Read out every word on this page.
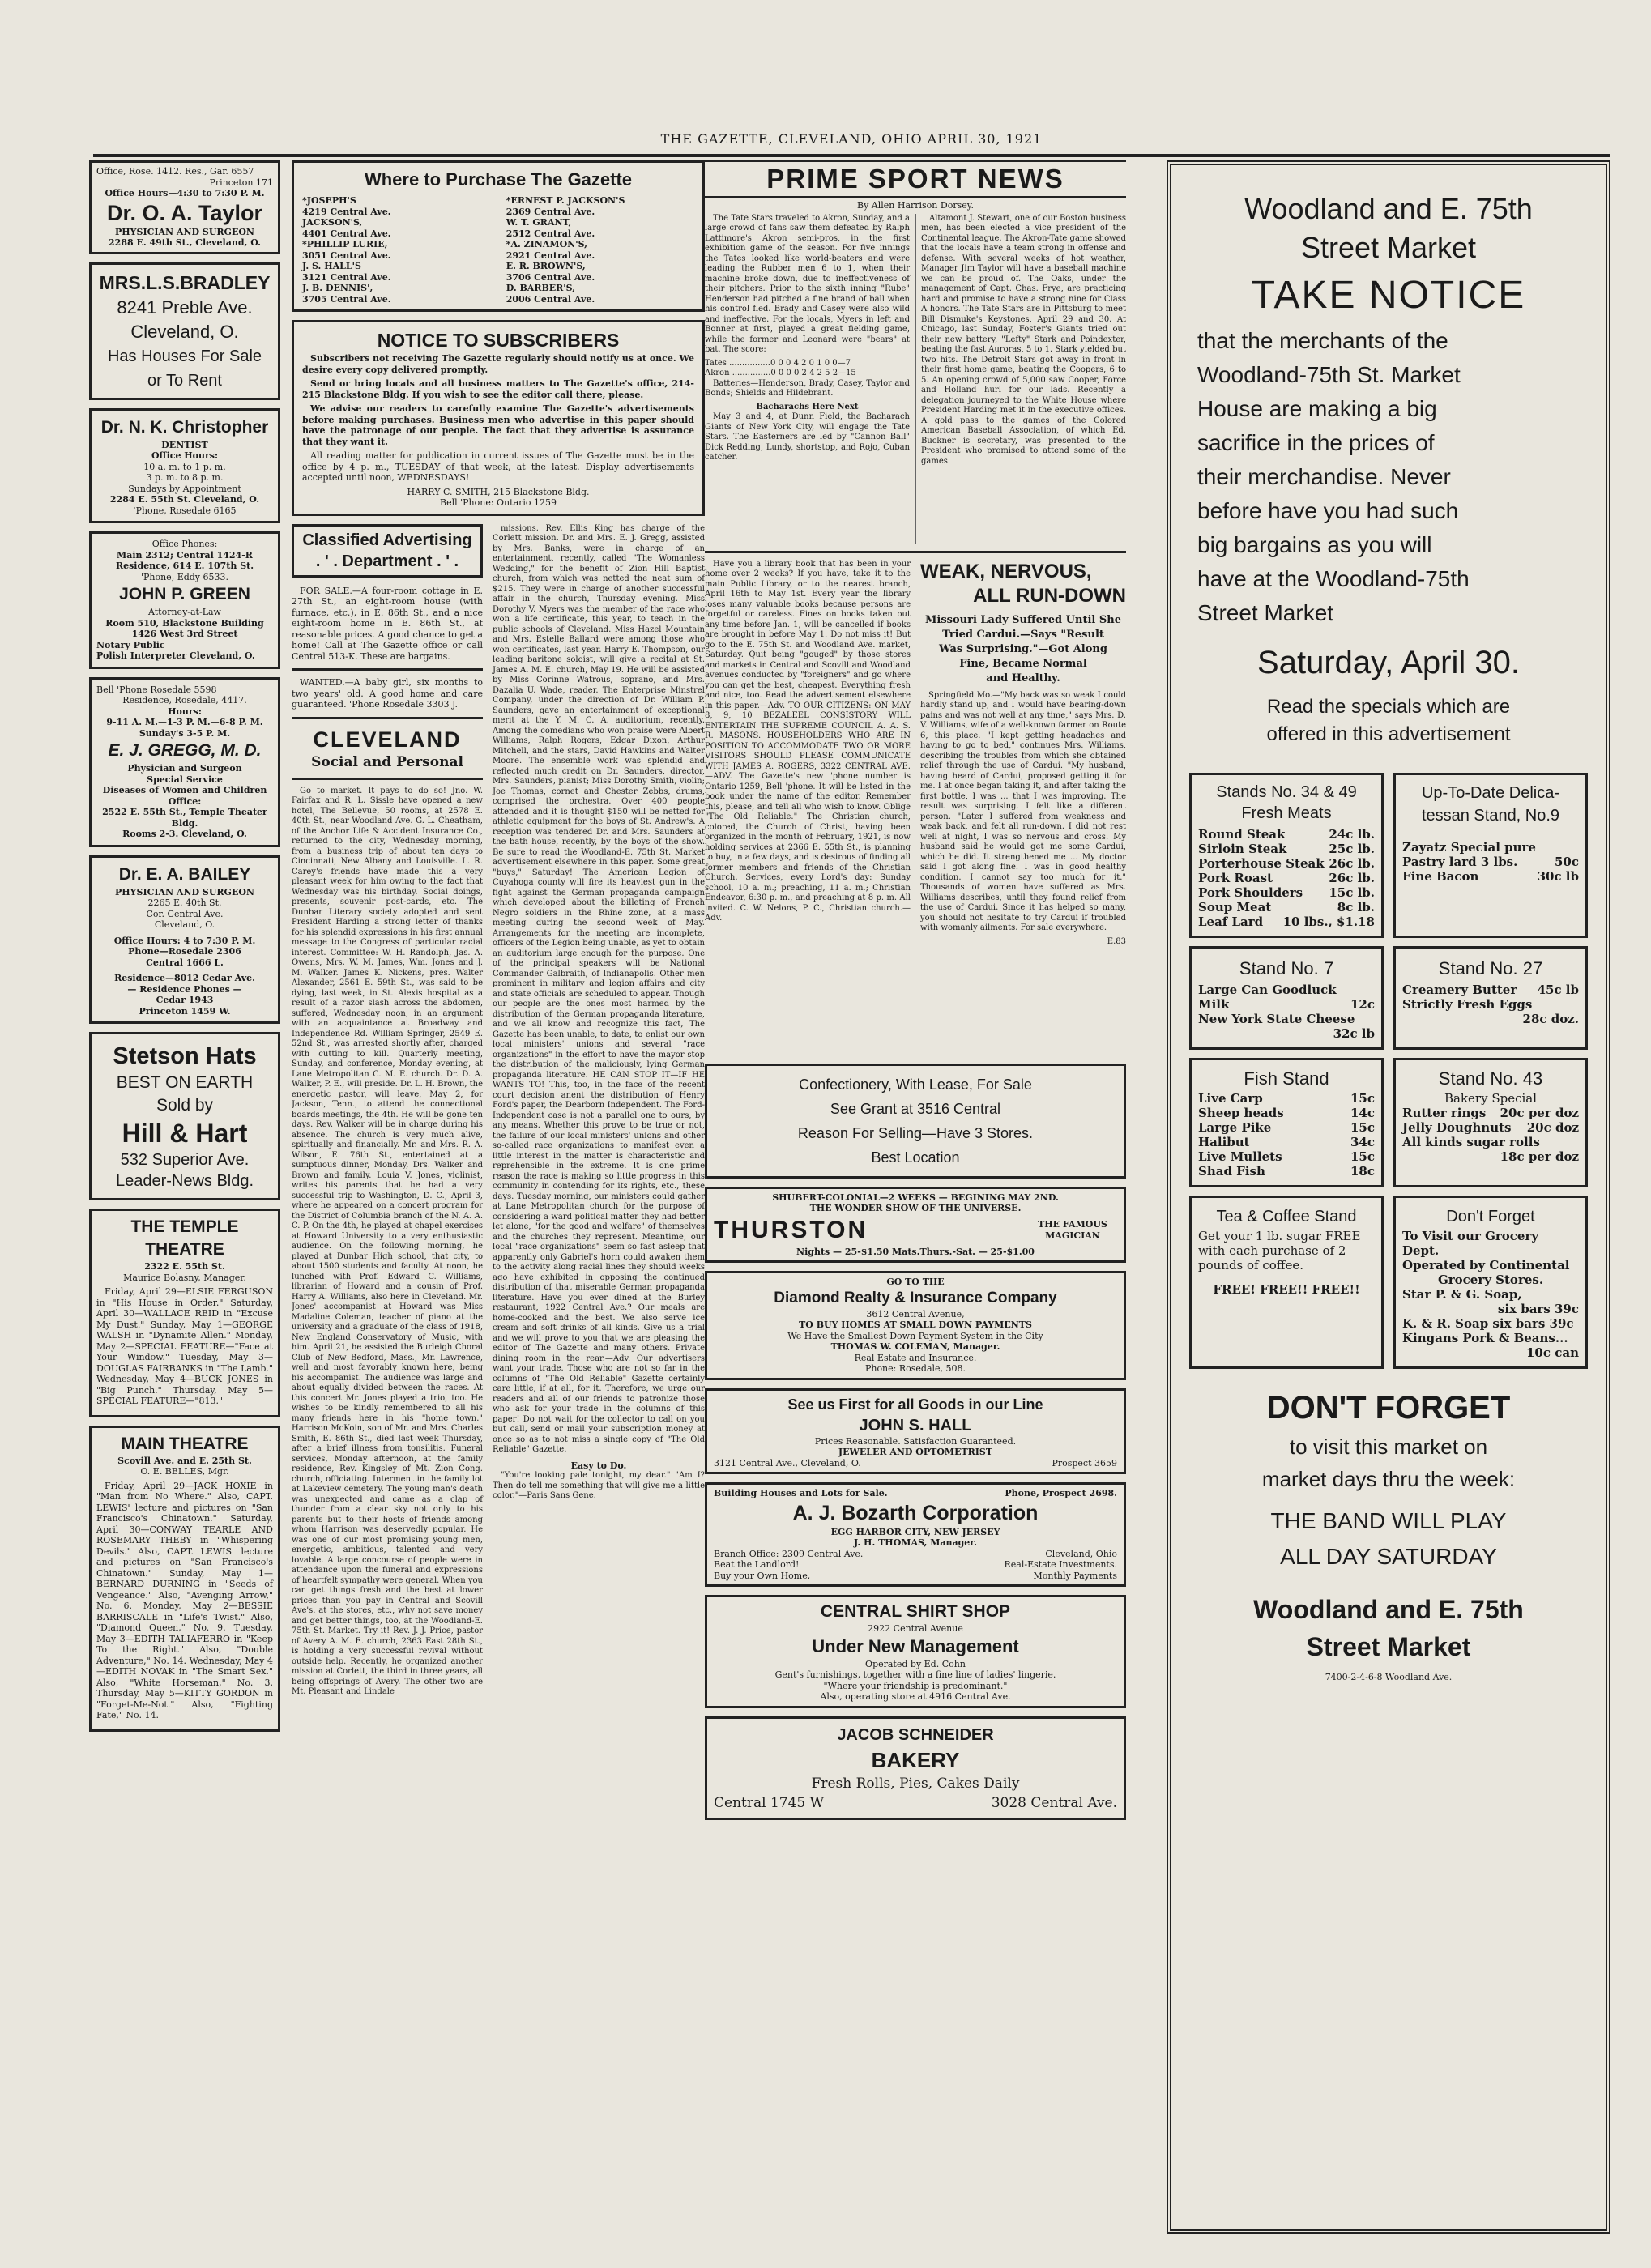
THE GAZETTE, CLEVELAND, OHIO APRIL 30, 1921
Office, Rose. 1412. Res., Gar. 6557
Princeton 171
Office Hours—4:30 to 7:30 P. M.
Dr. O. A. Taylor
PHYSICIAN AND SURGEON
2288 E. 49th St., Cleveland, O.
MRS.L.S.BRADLEY
8241 Preble Ave.
Cleveland, O.
Has Houses For Sale
or To Rent
Dr. N. K. Christopher
DENTIST
Office Hours:
10 a. m. to 1 p. m.
3 p. m. to 8 p. m.
Sundays by Appointment
2284 E. 55th St. Cleveland, O.
'Phone, Rosedale 6165
Office Phones:
Main 2312; Central 1424-R
Residence, 614 E. 107th St.
'Phone, Eddy 6533.
JOHN P. GREEN
Attorney-at-Law
Room 510, Blackstone Building
1426 West 3rd Street
Notary Public
Polish Interpreter Cleveland, O.
Bell 'Phone Rosedale 5598
Residence, Rosedale, 4417.
Hours:
9-11 A. M.—1-3 P. M.—6-8 P. M.
Sunday's 3-5 P. M.
E. J. GREGG, M. D.
Physician and Surgeon
Special Service
Diseases of Women and Children
Office:
2522 E. 55th St., Temple Theater Bldg.
Rooms 2-3. Cleveland, O.
Dr. E. A. BAILEY
PHYSICIAN AND SURGEON
2265 E. 40th St.
Cor. Central Ave.
Cleveland, O.
Office Hours: 4 to 7:30 P. M.
Phone—Rosedale 2306
Central 1666 L.
Residence—8012 Cedar Ave.
— Residence Phones —
Cedar 1943
Princeton 1459 W.
Stetson Hats
BEST ON EARTH
Sold by
Hill & Hart
532 Superior Ave.
Leader-News Bldg.
THE TEMPLE THEATRE
2322 E. 55th St.
Maurice Bolasny, Manager.

Friday, April 29—ELSIE FERGUSON in "His House in Order." Saturday, April 30—WALLACE REID in "Excuse My Dust." Sunday, May 1—GEORGE WALSH in "Dynamite Allen." Monday, May 2—SPECIAL FEATURE—"Face at Your Window." Tuesday, May 3—DOUGLAS FAIRBANKS in "The Lamb." Wednesday, May 4—BUCK JONES in "Big Punch." Thursday, May 5—SPECIAL FEATURE—"813."

MAIN THEATRE
Scovill Ave. and E. 25th St.
O. E. BELLES, Mgr.

Friday, April 29—JACK HOXIE in "Man from No Where." Also, CAPT. LEWIS' lecture and pictures on "San Francisco's Chinatown." Saturday, April 30—CONWAY TEARLE AND ROSEMARY THEBY in "Whispering Devils." Also, CAPT. LEWIS' lecture and pictures on "San Francisco's Chinatown." Sunday, May 1—BERNARD DURNING in "Seeds of Vengeance." Also, "Avenging Arrow," No. 6. Monday, May 2—BESSIE BARRISCALE in "Life's Twist." Also, "Diamond Queen," No. 9. Tuesday, May 3—EDITH TALIAFERRO in "Keep To the Right." Also, "Double Adventure," No. 14. Wednesday, May 4—EDITH NOVAK in "The Smart Sex." Also, "White Horseman," No. 3. Thursday, May 5—KITTY GORDON in "Forget-Me-Not." Also, "Fighting Fate," No. 14.

Where to Purchase The Gazette
*JOSEPH'S
4219 Central Ave.
JACKSON'S,
4401 Central Ave.
*PHILLIP LURIE,
3051 Central Ave.
J. S. HALL'S
3121 Central Ave.
J. B. DENNIS',
3705 Central Ave.
*ERNEST P. JACKSON'S
2369 Central Ave.
W. T. GRANT,
2512 Central Ave.
*A. ZINAMON'S,
2921 Central Ave.
E. R. BROWN'S,
3706 Central Ave.
D. BARBER'S,
2006 Central Ave.
NOTICE TO SUBSCRIBERS

Subscribers not receiving The Gazette regularly should notify us at once. We desire every copy delivered promptly.

Send or bring locals and all business matters to The Gazette's office, 214-215 Blackstone Bldg. If you wish to see the editor call there, please.

We advise our readers to carefully examine The Gazette's advertisements before making purchases. Business men who advertise in this paper should have the patronage of our people. The fact that they advertise is assurance that they want it.

All reading matter for publication in current issues of The Gazette must be in the office by 4 p. m., TUESDAY of that week, at the latest. Display advertisements accepted until noon, WEDNESDAYS!

HARRY C. SMITH, 215 Blackstone Bldg.
Bell 'Phone: Ontario 1259
Classified Advertising
. ' . Department . ' .

FOR SALE.—A four-room cottage in E. 27th St., an eight-room house (with furnace, etc.), in E. 86th St., and a nice eight-room home in E. 86th St., at reasonable prices. A good chance to get a home! Call at The Gazette office or call Central 513-K. These are bargains.

WANTED.—A baby girl, six months to two years' old. A good home and care guaranteed. 'Phone Rosedale 3303 J.

CLEVELAND
Social and Personal

Go to market. It pays to do so! Jno. W. Fairfax and R. L. Sissle have opened a new hotel, The Bellevue, 50 rooms, at 2578 E. 40th St., near Woodland Ave. G. L. Cheatham, of the Anchor Life & Accident Insurance Co., returned to the city, Wednesday morning, from a business trip of about ten days to Cincinnati, New Albany and Louisville. L. R. Carey's friends have made this a very pleasant week for him owing to the fact that Wednesday was his birthday. Social doings, presents, souvenir post-cards, etc. The Dunbar Literary society adopted and sent President Harding a strong letter of thanks for his splendid expressions in his first annual message to the Congress of particular racial interest. Committee: W. H. Randolph, Jas. A. Owens, Mrs. W. M. James, Wm. Jones and J. M. Walker. James K. Nickens, pres. Walter Alexander, 2561 E. 59th St., was said to be dying, last week, in St. Alexis hospital as a result of a razor slash across the abdomen, suffered, Wednesday noon, in an argument with an acquaintance at Broadway and Independence Rd. William Springer, 2549 E. 52nd St., was arrested shortly after, charged with cutting to kill. Quarterly meeting, Sunday, and conference, Monday evening, at Lane Metropolitan C. M. E. church. Dr. D. A. Walker, P. E., will preside. Dr. L. H. Brown, the energetic pastor, will leave, May 2, for Jackson, Tenn., to attend the connectional boards meetings, the 4th. He will be gone ten days. Rev. Walker will be in charge during his absence. The church is very much alive, spiritually and financially. Mr. and Mrs. R. A. Wilson, E. 76th St., entertained at a sumptuous dinner, Monday, Drs. Walker and Brown and family. Louia V. Jones, violinist, writes his parents that he had a very successful trip to Washington, D. C., April 3, where he appeared on a concert program for the District of Columbia branch of the N. A. A. C. P. On the 4th, he played at chapel exercises at Howard University to a very enthusiastic audience. On the following morning, he played at Dunbar High school, that city, to about 1500 students and faculty. At noon, he lunched with Prof. Edward C. Williams, librarian of Howard and a cousin of Prof. Harry A. Williams, also here in Cleveland. Mr. Jones' accompanist at Howard was Miss Madaline Coleman, teacher of piano at the university and a graduate of the class of 1918, New England Conservatory of Music, with him. April 21, he assisted the Burleigh Choral Club of New Bedford, Mass., Mr. Lawrence, well and most favorably known here, being his accompanist. The audience was large and about equally divided between the races. At this concert Mr. Jones played a trio, too. He wishes to be kindly remembered to all his many friends here in his "home town." Harrison McKoin, son of Mr. and Mrs. Charles Smith, E. 86th St., died last week Thursday, after a brief illness from tonsilitis. Funeral services, Monday afternoon, at the family residence, Rev. Kingsley of Mt. Zion Cong. church, officiating. Interment in the family lot at Lakeview cemetery. The young man's death was unexpected and came as a clap of thunder from a clear sky not only to his parents but to their hosts of friends among whom Harrison was deservedly popular. He was one of our most promising young men, energetic, ambitious, talented and very lovable. A large concourse of people were in attendance upon the funeral and expressions of heartfelt sympathy were general. When you can get things fresh and the best at lower prices than you pay in Central and Scovill Ave's. at the stores, etc., why not save money and get better things, too, at the Woodland-E. 75th St. Market. Try it! Rev. J. J. Price, pastor of Avery A. M. E. church, 2363 East 28th St., is holding a very successful revival without outside help. Recently, he organized another mission at Corlett, the third in three years, all being offsprings of Avery. The other two are Mt. Pleasant and Lindale

missions. Rev. Ellis King has charge of the Corlett mission. Dr. and Mrs. E. J. Gregg, assisted by Mrs. Banks, were in charge of an entertainment, recently, called "The Womanless Wedding," for the benefit of Zion Hill Baptist church, from which was netted the neat sum of $215. They were in charge of another successful affair in the church, Thursday evening. Miss Dorothy V. Myers was the member of the race who won a life certificate, this year, to teach in the public schools of Cleveland. Miss Hazel Mountain and Mrs. Estelle Ballard were among those who won certificates, last year. Harry E. Thompson, our leading baritone soloist, will give a recital at St. James A. M. E. church, May 19. He will be assisted by Miss Corinne Watrous, soprano, and Mrs. Dazalia U. Wade, reader. The Enterprise Minstrel Company, under the direction of Dr. William P. Saunders, gave an entertainment of exceptional merit at the Y. M. C. A. auditorium, recently. Among the comedians who won praise were Albert Williams, Ralph Rogers, Edgar Dixon, Arthur Mitchell, and the stars, David Hawkins and Walter Moore. The ensemble work was splendid and reflected much credit on Dr. Saunders, director, Mrs. Saunders, pianist; Miss Dorothy Smith, violin; Joe Thomas, cornet and Chester Zebbs, drums, comprised the orchestra. Over 400 people attended and it is thought $150 will be netted for athletic equipment for the boys of St. Andrew's. A reception was tendered Dr. and Mrs. Saunders at the bath house, recently, by the boys of the show. Be sure to read the Woodland-E. 75th St. Market advertisement elsewhere in this paper. Some great "buys," Saturday! The American Legion of Cuyahoga county will fire its heaviest gun in the fight against the German propaganda campaign which developed about the billeting of French Negro soldiers in the Rhine zone, at a mass meeting during the second week of May. Arrangements for the meeting are incomplete, officers of the Legion being unable, as yet to obtain an auditorium large enough for the purpose. One of the principal speakers will be National Commander Galbraith, of Indianapolis. Other men prominent in military and legion affairs and city and state officials are scheduled to appear. Though our people are the ones most harmed by the distribution of the German propaganda literature, and we all know and recognize this fact, The Gazette has been unable, to date, to enlist our own local ministers' unions and several "race organizations" in the effort to have the mayor stop the distribution of the maliciously, lying German propaganda literature. HE CAN STOP IT—IF HE WANTS TO! This, too, in the face of the recent court decision anent the distribution of Henry Ford's paper, the Dearborn Independent. The Ford-Independent case is not a parallel one to ours, by any means. Whether this prove to be true or not, the failure of our local ministers' unions and other so-called race organizations to manifest even a little interest in the matter is characteristic and reprehensible in the extreme. It is one prime reason the race is making so little progress in this community in contending for its rights, etc., these days. Tuesday morning, our ministers could gather at Lane Metropolitan church for the purpose of considering a ward political matter they had better let alone, "for the good and welfare" of themselves and the churches they represent. Meantime, our local "race organizations" seem so fast asleep that apparently only Gabriel's horn could awaken them to the activity along racial lines they should weeks ago have exhibited in opposing the continued distribution of that miserable German propaganda literature. Have you ever dined at the Burley restaurant, 1922 Central Ave.? Our meals are home-cooked and the best. We also serve ice cream and soft drinks of all kinds. Give us a trial and we will prove to you that we are pleasing the editor of The Gazette and many others. Private dining room in the rear.—Adv. Our advertisers want your trade. Those who are not so far in the columns of "The Old Reliable" Gazette certainly care little, if at all, for it. Therefore, we urge our readers and all of our friends to patronize those who ask for your trade in the columns of this paper! Do not wait for the collector to call on you but call, send or mail your subscription money at once so as to not miss a single copy of "The Old Reliable" Gazette.

Easy to Do.

"You're looking pale tonight, my dear." "Am I? Then do tell me something that will give me a little color."—Paris Sans Gene.

PRIME SPORT NEWS
By Allen Harrison Dorsey.

The Tate Stars traveled to Akron, Sunday, and a large crowd of fans saw them defeated by Ralph Lattimore's Akron semi-pros, in the first exhibition game of the season. For five innings the Tates looked like world-beaters and were leading the Rubber men 6 to 1, when their machine broke down, due to ineffectiveness of their pitchers. Prior to the sixth inning "Rube" Henderson had pitched a fine brand of ball when his control fled. Brady and Casey were also wild and ineffective. For the locals, Myers in left and Bonner at first, played a great fielding game, while the former and Leonard were "bears" at bat. The score:

Tates ................0 0 0 4 2 0 1 0 0—7
Akron ...............0 0 0 0 2 4 2 5 2—15

Batteries—Henderson, Brady, Casey, Taylor and Bonds; Shields and Hildebrant.

Bacharachs Here Next

May 3 and 4, at Dunn Field, the Bacharach Giants of New York City, will engage the Tate Stars. The Easterners are led by "Cannon Ball" Dick Redding, Lundy, shortstop, and Rojo, Cuban catcher.

Altamont J. Stewart, one of our Boston business men, has been elected a vice president of the Continental league. The Akron-Tate game showed that the locals have a team strong in offense and defense. With several weeks of hot weather, Manager Jim Taylor will have a baseball machine we can be proud of. The Oaks, under the management of Capt. Chas. Frye, are practicing hard and promise to have a strong nine for Class A honors. The Tate Stars are in Pittsburg to meet Bill Dismuke's Keystones, April 29 and 30. At Chicago, last Sunday, Foster's Giants tried out their new battery, "Lefty" Stark and Poindexter, beating the fast Auroras, 5 to 1. Stark yielded but two hits. The Detroit Stars got away in front in their first home game, beating the Coopers, 6 to 5. An opening crowd of 5,000 saw Cooper, Force and Holland hurl for our lads. Recently a delegation journeyed to the White House where President Harding met it in the executive offices. A gold pass to the games of the Colored American Baseball Association, of which Ed. Buckner is secretary, was presented to the President who promised to attend some of the games.

Have you a library book that has been in your home over 2 weeks? If you have, take it to the main Public Library, or to the nearest branch, April 16th to May 1st. Every year the library loses many valuable books because persons are forgetful or careless. Fines on books taken out any time before Jan. 1, will be cancelled if books are brought in before May 1. Do not miss it! But go to the E. 75th St. and Woodland Ave. market, Saturday. Quit being "gouged" by those stores and markets in Central and Scovill and Woodland avenues conducted by "foreigners" and go where you can get the best, cheapest. Everything fresh and nice, too. Read the advertisement elsewhere in this paper.—Adv. TO OUR CITIZENS: ON MAY 8, 9, 10 BEZALEEL CONSISTORY WILL ENTERTAIN THE SUPREME COUNCIL A. A. S. R. MASONS. HOUSEHOLDERS WHO ARE IN POSITION TO ACCOMMODATE TWO OR MORE VISITORS SHOULD PLEASE COMMUNICATE WITH JAMES A. ROGERS, 3322 CENTRAL AVE.—ADV. The Gazette's new 'phone number is Ontario 1259, Bell 'phone. It will be listed in the book under the name of the editor. Remember this, please, and tell all who wish to know. Oblige "The Old Reliable." The Christian church, colored, the Church of Christ, having been organized in the month of February, 1921, is now holding services at 2366 E. 55th St., is planning to buy, in a few days, and is desirous of finding all former members and friends of the Christian Church. Services, every Lord's day: Sunday school, 10 a. m.; preaching, 11 a. m.; Christian Endeavor, 6:30 p. m., and preaching at 8 p. m. All invited. C. W. Nelons, P. C., Christian church.—Adv.

WEAK, NERVOUS,
ALL RUN-DOWN
Missouri Lady Suffered Until She
Tried Cardui.—Says "Result
Was Surprising."—Got Along
Fine, Became Normal
and Healthy.

Springfield Mo.—"My back was so weak I could hardly stand up, and I would have bearing-down pains and was not well at any time," says Mrs. D. V. Williams, wife of a well-known farmer on Route 6, this place. "I kept getting headaches and having to go to bed," continues Mrs. Williams, describing the troubles from which she obtained relief through the use of Cardui. "My husband, having heard of Cardui, proposed getting it for me. I at once began taking it, and after taking the first bottle, I was ... that I was improving. The result was surprising. I felt like a different person. "Later I suffered from weakness and weak back, and felt all run-down. I did not rest well at night, I was so nervous and cross. My husband said he would get me some Cardui, which he did. It strengthened me ... My doctor said I got along fine. I was in good healthy condition. I cannot say too much for it." Thousands of women have suffered as Mrs. Williams describes, until they found relief from the use of Cardui. Since it has helped so many, you should not hesitate to try Cardui if troubled with womanly ailments. For sale everywhere.

E.83
Confectionery, With Lease, For Sale
See Grant at 3516 Central
Reason For Selling—Have 3 Stores.
Best Location
SHUBERT-COLONIAL—2 WEEKS — BEGINING MAY 2ND.
THE WONDER SHOW OF THE UNIVERSE.
THURSTON	THE FAMOUS MAGICIAN
Nights — 25-$1.50 Mats.Thurs.-Sat. — 25-$1.00
GO TO THE
Diamond Realty & Insurance Company
3612 Central Avenue,
TO BUY HOMES AT SMALL DOWN PAYMENTS
We Have the Smallest Down Payment System in the City
THOMAS W. COLEMAN, Manager.
Real Estate and Insurance.
Phone: Rosedale, 508.
See us First for all Goods in our Line
JOHN S. HALL
Prices Reasonable. Satisfaction Guaranteed.
JEWELER AND OPTOMETRIST
3121 Central Ave., Cleveland, O.	Prospect 3659
Building Houses and Lots for Sale.	Phone, Prospect 2698.
A. J. Bozarth Corporation
EGG HARBOR CITY, NEW JERSEY
J. H. THOMAS, Manager.
Branch Office: 2309 Central Ave.	Cleveland, Ohio
Beat the Landlord!	Real-Estate Investments.
Buy your Own Home,	Monthly Payments
CENTRAL SHIRT SHOP
2922 Central Avenue
Under New Management
Operated by Ed. Cohn
Gent's furnishings, together with a fine line of ladies' lingerie.
"Where your friendship is predominant."
Also, operating store at 4916 Central Ave.
JACOB SCHNEIDER
BAKERY
Fresh Rolls, Pies, Cakes Daily
Central 1745 W	3028 Central Ave.
Woodland and E. 75th
Street Market
TAKE NOTICE
that the merchants of the
Woodland-75th St. Market
House are making a big
sacrifice in the prices of
their merchandise. Never
before have you had such
big bargains as you will
have at the Woodland-75th
Street Market
Saturday, April 30.
Read the specials which are
offered in this advertisement
Stands No. 34 & 49
Fresh Meats
Round Steak	24c lb.
Sirloin Steak	25c lb.
Porterhouse Steak 26c lb.
Pork Roast	26c lb.
Pork Shoulders 15c lb.
Soup Meat	8c lb.
Leaf Lard 10 lbs., $1.18
Up-To-Date Delica-
tessan Stand, No.9
Zayatz Special pure
Pastry lard 3 lbs.	50c
Fine Bacon	30c lb
Stand No. 7
Large Can Goodluck
Milk	12c
New York State Cheese
32c lb
Stand No. 27
Creamery Butter 45c lb
Strictly Fresh Eggs
28c doz.
Fish Stand
Live Carp	15c
Sheep heads	14c
Large Pike	15c
Halibut	34c
Live Mullets	15c
Shad Fish	18c
Stand No. 43
Bakery Special
Rutter rings 20c per doz
Jelly Doughnuts 20c doz
All kinds sugar rolls
18c per doz
Tea & Coffee Stand
Get your 1 lb. sugar FREE
with each purchase of 2
pounds of coffee.
FREE! FREE!! FREE!!
Don't Forget
To Visit our Grocery Dept.
Operated by Continental
Grocery Stores.
Star P. & G. Soap,
six bars 39c
K. & R. Soap six bars 39c
Kingans Pork & Beans...
10c can
DON'T FORGET
to visit this market on
market days thru the week:
THE BAND WILL PLAY
ALL DAY SATURDAY
Woodland and E. 75th
Street Market
7400-2-4-6-8 Woodland Ave.
